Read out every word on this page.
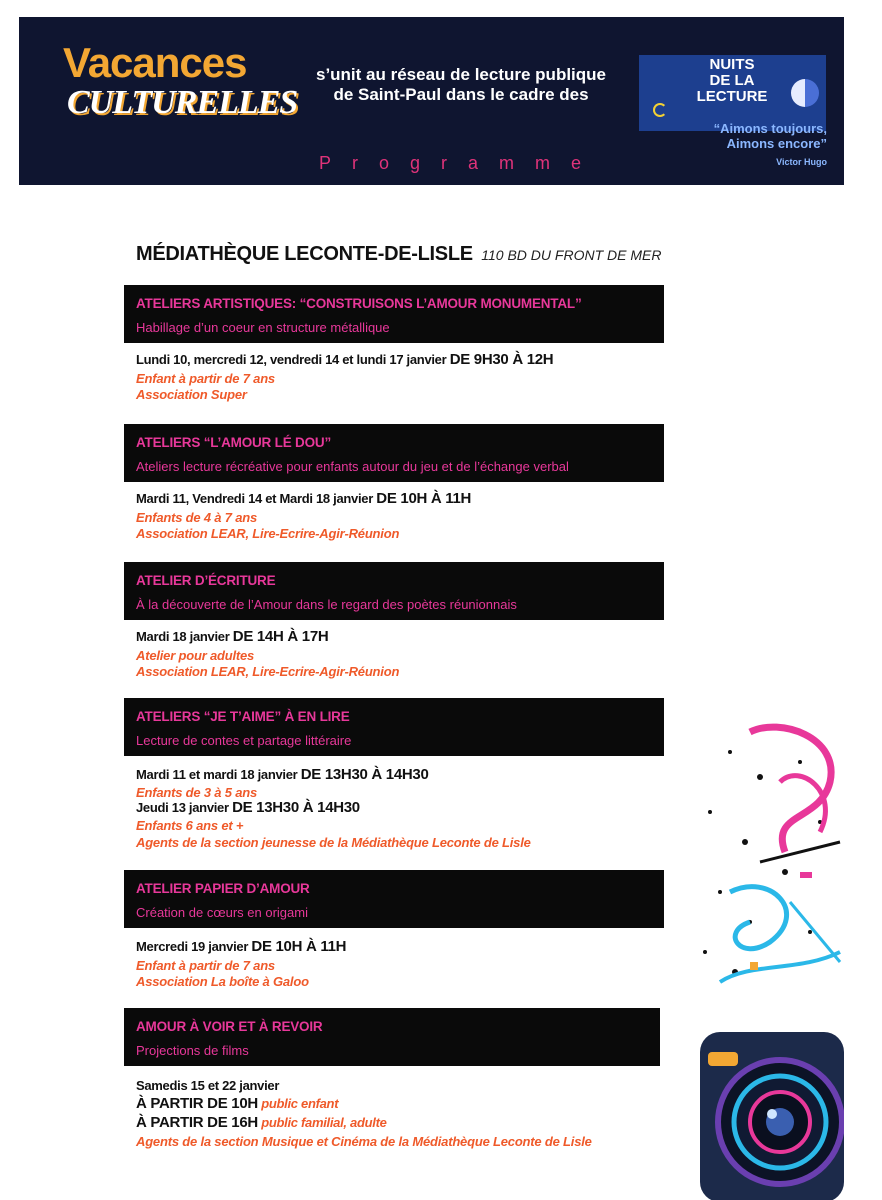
Vacances
CULTURELLES
s’unit au réseau de lecture publique
de Saint-Paul dans le cadre des
Programme
NUITS
DE LA
LECTURE
“Aimons toujours,
Aimons encore”
Victor Hugo
MÉDIATHÈQUE LECONTE-DE-LISLE 110 BD DU FRONT DE MER
ATELIERS ARTISTIQUES: “CONSTRUISONS L’AMOUR MONUMENTAL”
Habillage d’un coeur en structure métallique
Lundi 10, mercredi 12, vendredi 14 et lundi 17 janvier DE 9H30 À 12H
Enfant à partir de 7 ans
Association Super
ATELIERS “L’AMOUR LÉ DOU”
Ateliers lecture récréative pour enfants autour du jeu et de l’échange verbal
Mardi 11, Vendredi 14 et Mardi 18 janvier DE 10H À 11H
Enfants de 4 à 7 ans
Association LEAR, Lire-Ecrire-Agir-Réunion
ATELIER D’ÉCRITURE
À la découverte de l’Amour dans le regard des poètes réunionnais
Mardi 18 janvier DE 14H À 17H
Atelier pour adultes
Association LEAR, Lire-Ecrire-Agir-Réunion
ATELIERS “JE T’AIME” À EN LIRE
Lecture de contes et partage littéraire
Mardi 11 et mardi 18 janvier DE 13H30 À 14H30
Enfants de 3 à 5 ans
Jeudi 13 janvier DE 13H30 À 14H30
Enfants 6 ans et +
Agents de la section jeunesse de la Médiathèque Leconte de Lisle
ATELIER PAPIER D’AMOUR
Création de cœurs en origami
Mercredi 19 janvier DE 10H À 11H
Enfant à partir de 7 ans
Association La boîte à Galoo
AMOUR À VOIR ET À REVOIR
Projections de films
Samedis 15 et 22 janvier
À PARTIR DE 10H public enfant
À PARTIR DE 16H public familial, adulte
Agents de la section Musique et Cinéma de la Médiathèque Leconte de Lisle
